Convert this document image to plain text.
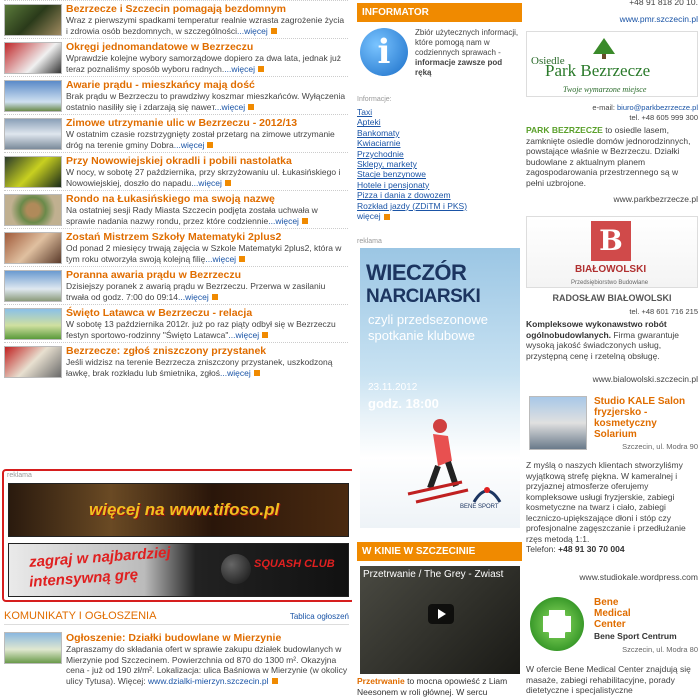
Bezrzecze i Szczecin pomagają bezdomnym
Wraz z pierwszymi spadkami temperatur realnie wzrasta zagrożenie życia i zdrowia osób bezdomnych, w szczególności...więcej
Okręgi jednomandatowe w Bezrzeczu
Wprawdzie kolejne wybory samorządowe dopiero za dwa lata, jednak już teraz poznaliśmy sposób wyboru radnych....więcej
Awarie prądu - mieszkańcy mają dość
Brak prądu w Bezrzeczu to prawdziwy koszmar mieszkańców. Wyłączenia ostatnio nasiliły się i zdarzają się naweт...więcej
Zimowe utrzymanie ulic w Bezrzeczu - 2012/13
W ostatnim czasie rozstrzygnięty został przetarg na zimowe utrzymanie dróg na terenie gminy Dobra...więcej
Przy Nowowiejskiej okradli i pobili nastolatka
W nocy, w sobotę 27 października, przy skrzyżowaniu ul. Łukasińskiego i Nowowiejskiej, doszło do napadu...więcej
Rondo na Łukasińskiego ma swoją nazwę
Na ostatniej sesji Rady Miasta Szczecin podjęta została uchwała w sprawie nadania nazwy rondu, przez które codziennie...więcej
Zostań Mistrzem Szkoły Matematyki 2plus2
Od ponad 2 miesięcy trwają zajęcia w Szkole Matematyki 2plus2, która w tym roku otworzyła swoją kolejną filię...więcej
Poranna awaria prądu w Bezrzeczu
Dzisiejszy poranek z awarią prądu w Bezrzeczu. Przerwa w zasilaniu trwała od godz. 7:00 do 09:14...więcej
Święto Latawca w Bezrzeczu - relacja
W sobotę 13 października 2012r. już po raz piąty odbył się w Bezrzeczu festyn sportowo-rodzinny "Święto Latawca"...więcej
Bezrzecze: zgłoś zniszczony przystanek
Jeśli widzisz na terenie Bezrzecza zniszczony przystanek, uszkodzoną ławkę, brak rozkładu lub śmietnika, zgłoś...więcej
reklama
więcej na www.tifoso.pl
zagraj w najbardziej
intensywną grę
SQUASH CLUB
KOMUNIKATY I OGŁOSZENIA	Tablica ogłoszeń
Ogłoszenie: Działki budowlane w Mierzynie
Zapraszamy do składania ofert w sprawie zakupu działek budowlanych w Mierzynie pod Szczecinem. Powierzchnia od 870 do 1300 m². Okazyjna cena - już od 190 zł/m². Lokalizacja: ulica Baśniowa w Mierzynie (w okolicy ulicy Tytusa). Więcej: www.dzialki-mierzyn.szczecin.pl
INFORMATOR
i	Zbiór użytecznych informacji, które pomogą nam w codziennych sprawach - informacje zawsze pod ręką
Informacje:
Taxi
Apteki
Bankomaty
Kwiaciarnie
Przychodnie
Sklepy, markety
Stacje benzynowe
Hotele i pensjonaty
Pizza i dania z dowozem
Rozkład jazdy (ZDiTM i PKS)
więcej
reklama
WIECZÓR
NARCIARSKI
czyli przedsezonowe
spotkanie klubowe
23.11.2012
godz. 18:00
BENE SPORT
W KINIE W SZCZECINIE
Przetrwanie / The Grey - Zwiast
Przetrwanie to mocna opowieść z Liam Neesonem w roli głównej. W sercu
+48 91 818 20 10.
www.pmr.szczecin.pl
Osiedle
Park Bezrzecze
Twoje wymarzone miejsce
e-mail: biuro@parkbezrzecze.pl
tel. +48 605 999 300
PARK BEZRZECZE to osiedle lasem, zamknięte osiedle domów jednorodzinnych, powstające właśnie w Bezrzeczu. Działki budowlane z aktualnym planem zagospodarowania przestrzennego są w pełni uzbrojone.
www.parkbezrzecze.pl
B
BIAŁOWOLSKI
Przedsiębiorstwo Budowlane
RADOSŁAW BIAŁOWOLSKI
tel. +48 601 716 215
Kompleksowe wykonawstwo robót ogólnobudowlanych. Firma gwarantuje wysoką jakość świadczonych usług, przystępną cenę i rzetelną obsługę.
www.bialowolski.szczecin.pl
Studio KALE Salon fryzjersko -kosmetyczny Solarium
Szczecin, ul. Modra 90
Z myślą o naszych klientach stworzyliśmy wyjątkową strefę piękna. W kameralnej i przyjaznej atmosferze oferujemy kompleksowe usługi fryzjerskie, zabiegi kosmetyczne na twarz i ciało, zabiegi leczniczo-upiększające dłoni i stóp czy profesjonalne zagęszczanie i przedłużanie rzęs metodą 1:1.
Telefon: +48 91 30 70 004
www.studiokale.wordpress.com
Bene Medical Center
Bene Sport Centrum
Szczecin, ul. Modra 80
W ofercie Bene Medical Center znajdują się masaże, zabiegi rehabilitacyjne, porady dietetyczne i specjalistyczne
